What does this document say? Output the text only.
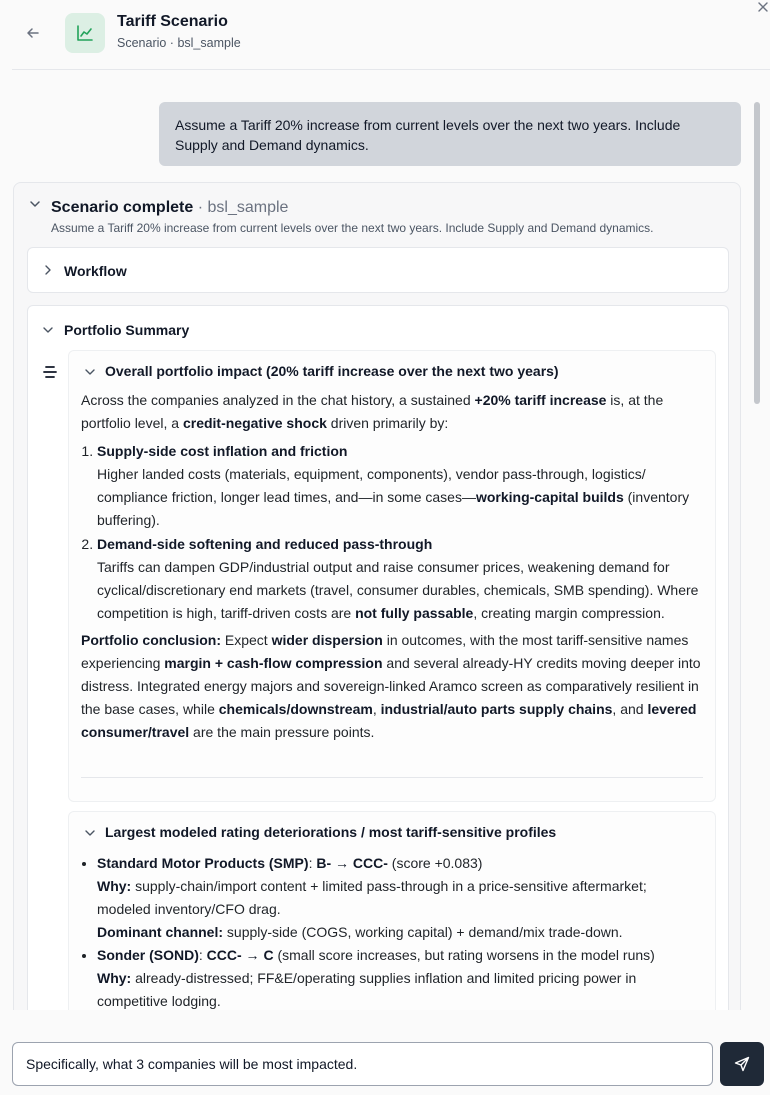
Tariff Scenario
Scenario · bsl_sample
Assume a Tariff 20% increase from current levels over the next two years. Include Supply and Demand dynamics.
Scenario complete · bsl_sample
Assume a Tariff 20% increase from current levels over the next two years. Include Supply and Demand dynamics.
Workflow
Portfolio Summary
Overall portfolio impact (20% tariff increase over the next two years)

Across the companies analyzed in the chat history, a sustained +20% tariff increase is, at the portfolio level, a credit-negative shock driven primarily by:

1. Supply-side cost inflation and friction
Higher landed costs (materials, equipment, components), vendor pass-through, logistics/ compliance friction, longer lead times, and—in some cases—working-capital builds (inventory buffering).
2. Demand-side softening and reduced pass-through
Tariffs can dampen GDP/industrial output and raise consumer prices, weakening demand for cyclical/discretionary end markets (travel, consumer durables, chemicals, SMB spending). Where competition is high, tariff-driven costs are not fully passable, creating margin compression.

Portfolio conclusion: Expect wider dispersion in outcomes, with the most tariff-sensitive names experiencing margin + cash-flow compression and several already-HY credits moving deeper into distress. Integrated energy majors and sovereign-linked Aramco screen as comparatively resilient in the base cases, while chemicals/downstream, industrial/auto parts supply chains, and levered consumer/travel are the main pressure points.

Largest modeled rating deteriorations / most tariff-sensitive profiles
• Standard Motor Products (SMP): B- → CCC- (score +0.083)
Why: supply-chain/import content + limited pass-through in a price-sensitive aftermarket; modeled inventory/CFO drag.
Dominant channel: supply-side (COGS, working capital) + demand/mix trade-down.
• Sonder (SOND): CCC- → C (small score increases, but rating worsens in the model runs)
Why: already-distressed; FF&E/operating supplies inflation and limited pricing power in competitive lodging.
Specifically, what 3 companies will be most impacted.
